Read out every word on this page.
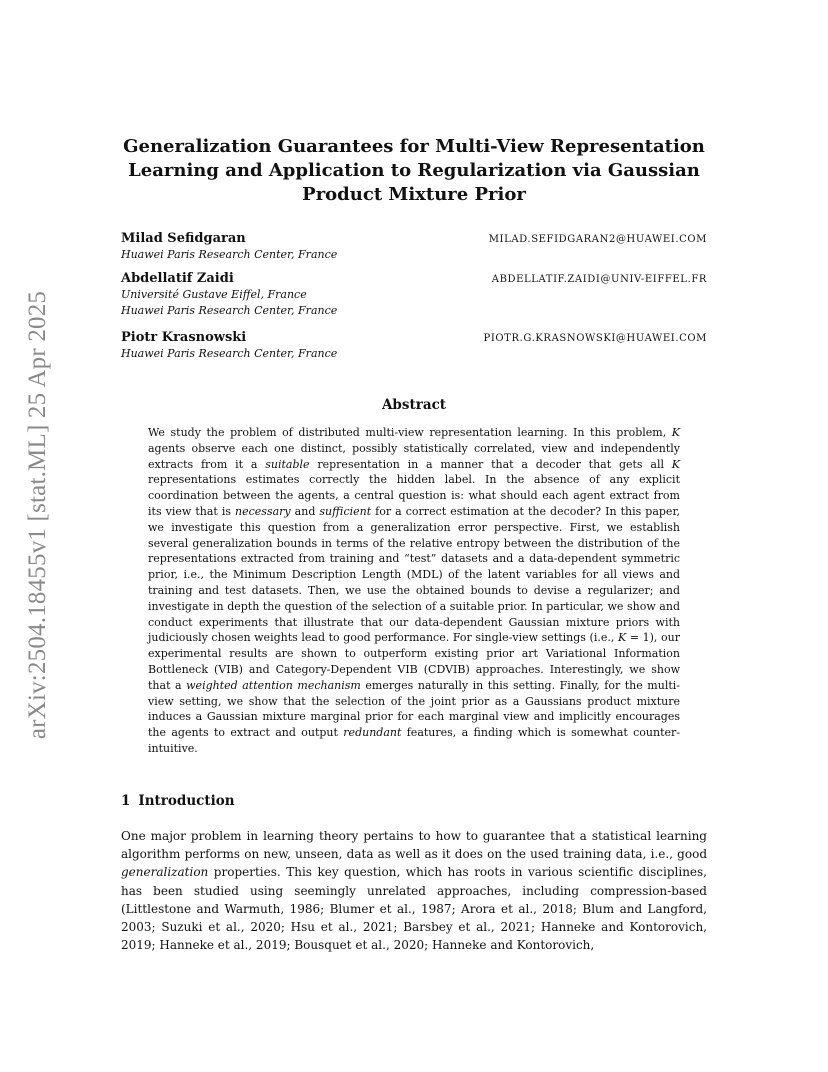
arXiv:2504.18455v1 [stat.ML] 25 Apr 2025
Generalization Guarantees for Multi-View Representation Learning and Application to Regularization via Gaussian Product Mixture Prior
Milad Sefidgaran	MILAD.SEFIDGARAN2@HUAWEI.COM
Huawei Paris Research Center, France
Abdellatif Zaidi	ABDELLATIF.ZAIDI@UNIV-EIFFEL.FR
Université Gustave Eiffel, France
Huawei Paris Research Center, France
Piotr Krasnowski	PIOTR.G.KRASNOWSKI@HUAWEI.COM
Huawei Paris Research Center, France
Abstract
We study the problem of distributed multi-view representation learning. In this problem, K agents observe each one distinct, possibly statistically correlated, view and independently extracts from it a suitable representation in a manner that a decoder that gets all K representations estimates correctly the hidden label. In the absence of any explicit coordination between the agents, a central question is: what should each agent extract from its view that is necessary and sufficient for a correct estimation at the decoder? In this paper, we investigate this question from a generalization error perspective. First, we establish several generalization bounds in terms of the relative entropy between the distribution of the representations extracted from training and “test” datasets and a data-dependent symmetric prior, i.e., the Minimum Description Length (MDL) of the latent variables for all views and training and test datasets. Then, we use the obtained bounds to devise a regularizer; and investigate in depth the question of the selection of a suitable prior. In particular, we show and conduct experiments that illustrate that our data-dependent Gaussian mixture priors with judiciously chosen weights lead to good performance. For single-view settings (i.e., K = 1), our experimental results are shown to outperform existing prior art Variational Information Bottleneck (VIB) and Category-Dependent VIB (CDVIB) approaches. Interestingly, we show that a weighted attention mechanism emerges naturally in this setting. Finally, for the multi-view setting, we show that the selection of the joint prior as a Gaussians product mixture induces a Gaussian mixture marginal prior for each marginal view and implicitly encourages the agents to extract and output redundant features, a finding which is somewhat counter-intuitive.
1 Introduction
One major problem in learning theory pertains to how to guarantee that a statistical learning algorithm performs on new, unseen, data as well as it does on the used training data, i.e., good generalization properties. This key question, which has roots in various scientific disciplines, has been studied using seemingly unrelated approaches, including compression-based (Littlestone and Warmuth, 1986; Blumer et al., 1987; Arora et al., 2018; Blum and Langford, 2003; Suzuki et al., 2020; Hsu et al., 2021; Barsbey et al., 2021; Hanneke and Kontorovich, 2019; Hanneke et al., 2019; Bousquet et al., 2020; Hanneke and Kontorovich,
